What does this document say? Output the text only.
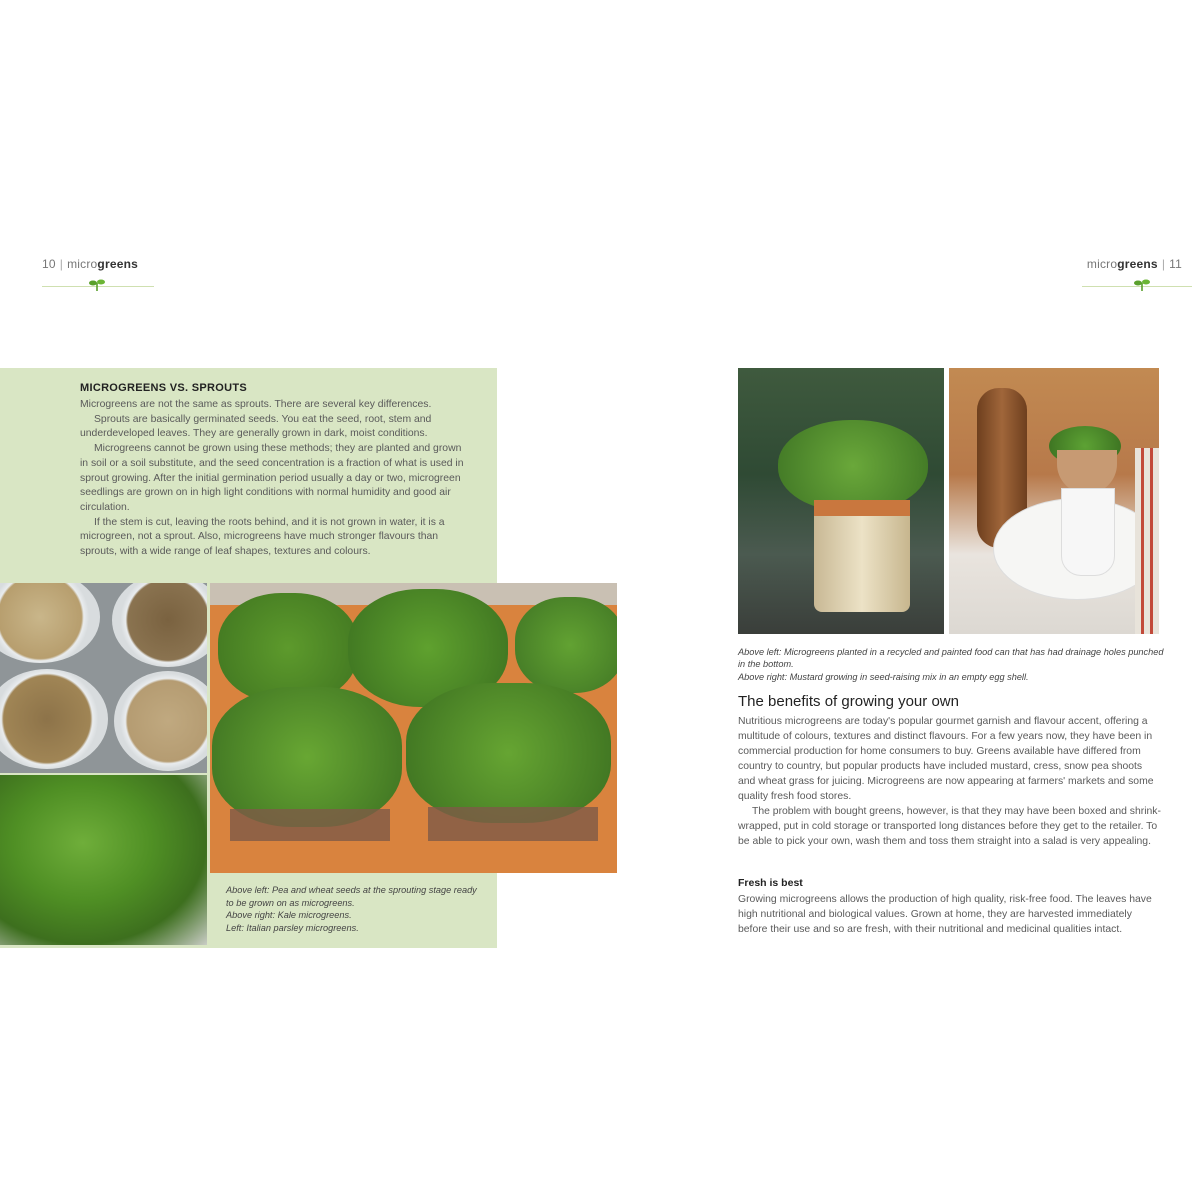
10 | microgreens
MICROGREENS VS. SPROUTS

Microgreens are not the same as sprouts. There are several key differences.

Sprouts are basically germinated seeds. You eat the seed, root, stem and underdeveloped leaves. They are generally grown in dark, moist conditions.

Microgreens cannot be grown using these methods; they are planted and grown in soil or a soil substitute, and the seed concentration is a fraction of what is used in sprout growing. After the initial germination period usually a day or two, microgreen seedlings are grown on in high light conditions with normal humidity and good air circulation.

If the stem is cut, leaving the roots behind, and it is not grown in water, it is a microgreen, not a sprout. Also, microgreens have much stronger flavours than sprouts, with a wide range of leaf shapes, textures and colours.

Above left: Pea and wheat seeds at the sprouting stage ready to be grown on as microgreens.
Above right: Kale microgreens.
Left: Italian parsley microgreens.
microgreens | 11
Above left: Microgreens planted in a recycled and painted food can that has had drainage holes punched in the bottom.
Above right: Mustard growing in seed-raising mix in an empty egg shell.
The benefits of growing your own

Nutritious microgreens are today's popular gourmet garnish and flavour accent, offering a multitude of colours, textures and distinct flavours. For a few years now, they have been in commercial production for home consumers to buy. Greens available have differed from country to country, but popular products have included mustard, cress, snow pea shoots and wheat grass for juicing. Microgreens are now appearing at farmers' markets and some quality fresh food stores.

The problem with bought greens, however, is that they may have been boxed and shrink-wrapped, put in cold storage or transported long distances before they get to the retailer. To be able to pick your own, wash them and toss them straight into a salad is very appealing.

Fresh is best
Growing microgreens allows the production of high quality, risk-free food. The leaves have high nutritional and biological values. Grown at home, they are harvested immediately before their use and so are fresh, with their nutritional and medicinal qualities intact.
